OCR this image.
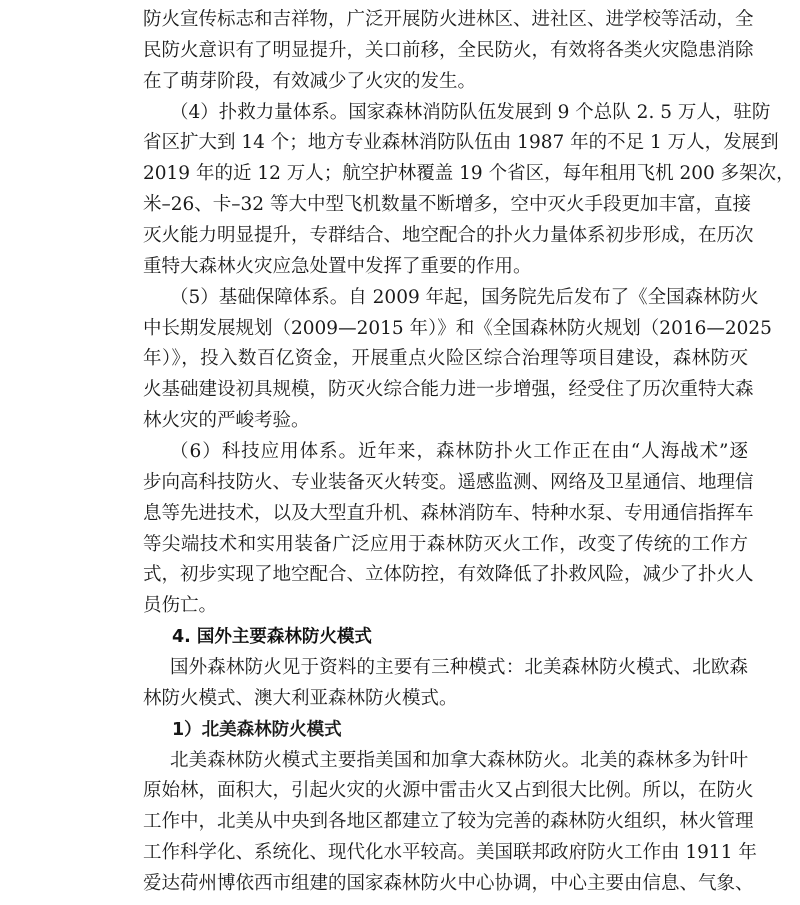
防火宣传标志和吉祥物，广泛开展防火进林区、进社区、进学校等活动，全

民防火意识有了明显提升，关口前移，全民防火，有效将各类火灾隐患消除

在了萌芽阶段，有效减少了火灾的发生。

（4）扑救力量体系。国家森林消防队伍发展到 9 个总队 2. 5 万人，驻防

省区扩大到 14 个；地方专业森林消防队伍由 1987 年的不足 1 万人，发展到

2019 年的近 12 万人；航空护林覆盖 19 个省区，每年租用飞机 200 多架次，

米–26、卡–32 等大中型飞机数量不断增多，空中灭火手段更加丰富，直接

灭火能力明显提升，专群结合、地空配合的扑火力量体系初步形成，在历次

重特大森林火灾应急处置中发挥了重要的作用。

（5）基础保障体系。自 2009 年起，国务院先后发布了《全国森林防火

中长期发展规划（2009—2015 年）》和《全国森林防火规划（2016—2025

年）》，投入数百亿资金，开展重点火险区综合治理等项目建设，森林防灭

火基础建设初具规模，防灭火综合能力进一步增强，经受住了历次重特大森

林火灾的严峻考验。

（6）科技应用体系。近年来，森林防扑火工作正在由“人海战术”逐

步向高科技防火、专业装备灭火转变。遥感监测、网络及卫星通信、地理信

息等先进技术，以及大型直升机、森林消防车、特种水泵、专用通信指挥车

等尖端技术和实用装备广泛应用于森林防灭火工作，改变了传统的工作方

式，初步实现了地空配合、立体防控，有效降低了扑救风险，减少了扑火人

员伤亡。

4. 国外主要森林防火模式

国外森林防火见于资料的主要有三种模式：北美森林防火模式、北欧森

林防火模式、澳大利亚森林防火模式。

1）北美森林防火模式

北美森林防火模式主要指美国和加拿大森林防火。北美的森林多为针叶

原始林，面积大，引起火灾的火源中雷击火又占到很大比例。所以，在防火

工作中，北美从中央到各地区都建立了较为完善的森林防火组织，林火管理

工作科学化、系统化、现代化水平较高。美国联邦政府防火工作由 1911 年

爱达荷州博依西市组建的国家森林防火中心协调，中心主要由信息、气象、
